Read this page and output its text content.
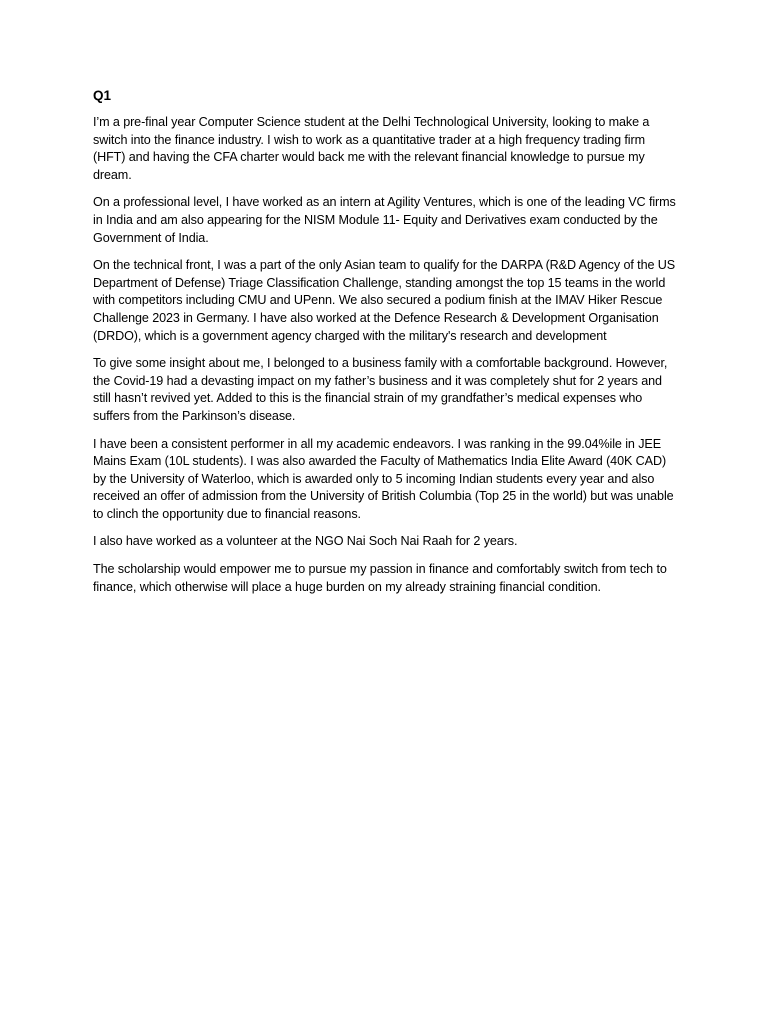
Q1

I’m a pre-final year Computer Science student at the Delhi Technological University, looking to make a switch into the finance industry. I wish to work as a quantitative trader at a high frequency trading firm (HFT) and having the CFA charter would back me with the relevant financial knowledge to pursue my dream.

On a professional level, I have worked as an intern at Agility Ventures, which is one of the leading VC firms in India and am also appearing for the NISM Module 11- Equity and Derivatives exam conducted by the Government of India.

On the technical front, I was a part of the only Asian team to qualify for the DARPA (R&D Agency of the US Department of Defense) Triage Classification Challenge, standing amongst the top 15 teams in the world with competitors including CMU and UPenn. We also secured a podium finish at the IMAV Hiker Rescue Challenge 2023 in Germany. I have also worked at the Defence Research & Development Organisation (DRDO), which is a government agency charged with the military's research and development

To give some insight about me, I belonged to a business family with a comfortable background. However, the Covid-19 had a devasting impact on my father’s business and it was completely shut for 2 years and still hasn’t revived yet. Added to this is the financial strain of my grandfather’s medical expenses who suffers from the Parkinson’s disease.

I have been a consistent performer in all my academic endeavors. I was ranking in the 99.04%ile in JEE Mains Exam (10L students). I was also awarded the Faculty of Mathematics India Elite Award (40K CAD) by the University of Waterloo, which is awarded only to 5 incoming Indian students every year and also received an offer of admission from the University of British Columbia (Top 25 in the world) but was unable to clinch the opportunity due to financial reasons.

I also have worked as a volunteer at the NGO Nai Soch Nai Raah for 2 years.

The scholarship would empower me to pursue my passion in finance and comfortably switch from tech to finance, which otherwise will place a huge burden on my already straining financial condition.
